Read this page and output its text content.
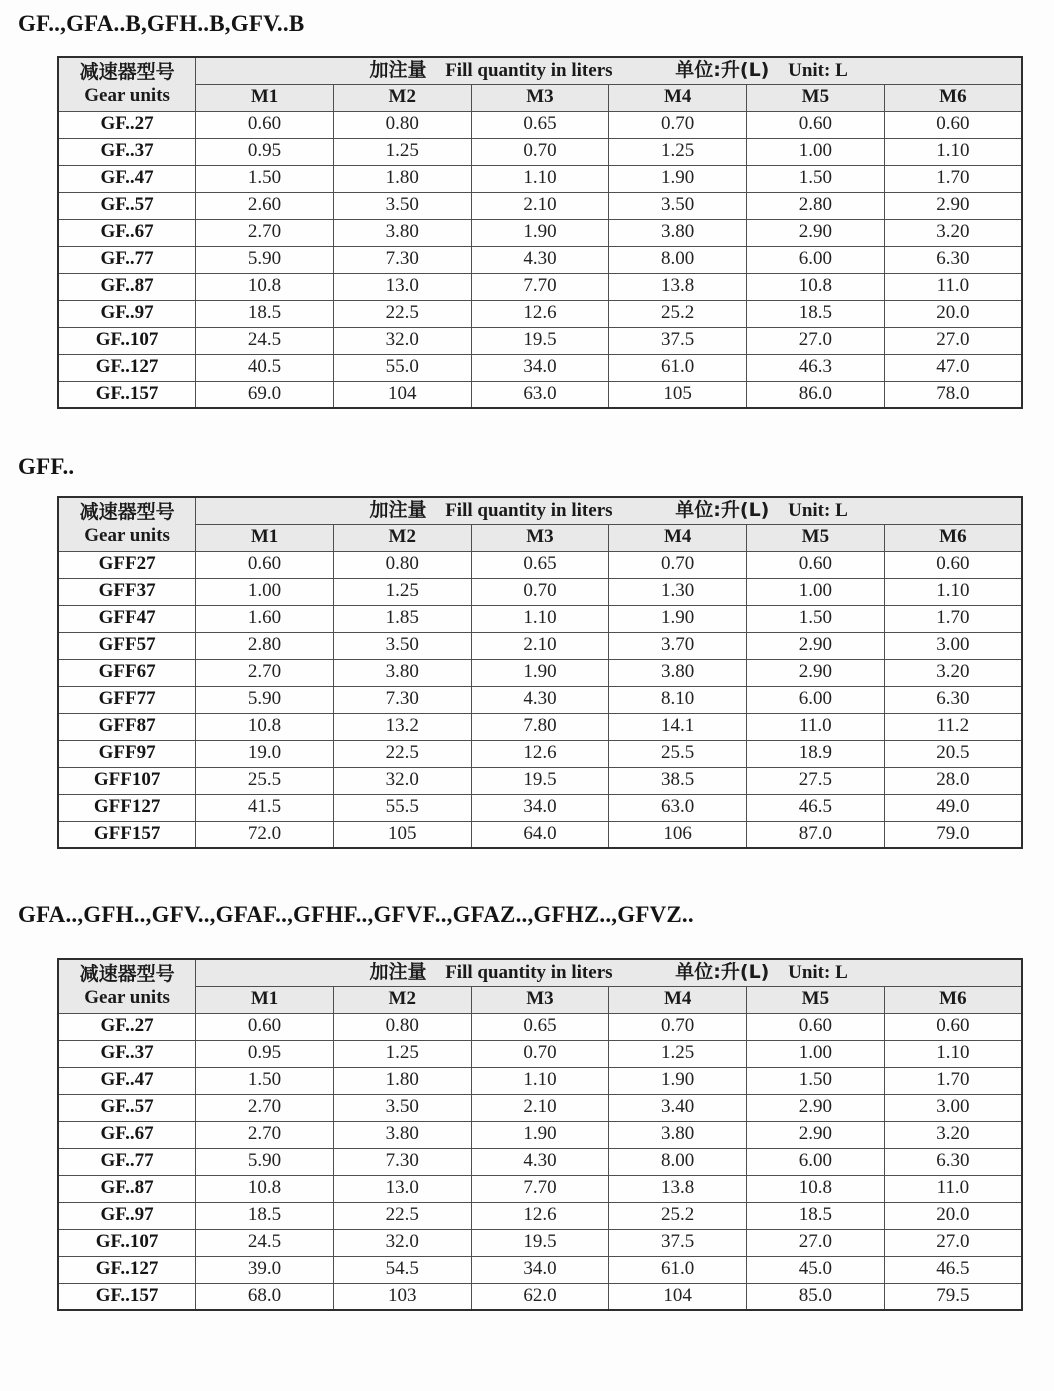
GF..,GFA..B,GFH..B,GFV..B
减速器型号
Gear units	加注量 Fill quantity in liters 单位:升(L) Unit: L					
	M1	M2	M3	M4	M5	M6
GF..27	0.60	0.80	0.65	0.70	0.60	0.60
GF..37	0.95	1.25	0.70	1.25	1.00	1.10
GF..47	1.50	1.80	1.10	1.90	1.50	1.70
GF..57	2.60	3.50	2.10	3.50	2.80	2.90
GF..67	2.70	3.80	1.90	3.80	2.90	3.20
GF..77	5.90	7.30	4.30	8.00	6.00	6.30
GF..87	10.8	13.0	7.70	13.8	10.8	11.0
GF..97	18.5	22.5	12.6	25.2	18.5	20.0
GF..107	24.5	32.0	19.5	37.5	27.0	27.0
GF..127	40.5	55.0	34.0	61.0	46.3	47.0
GF..157	69.0	104	63.0	105	86.0	78.0
GFF..
减速器型号
Gear units	加注量 Fill quantity in liters 单位:升(L) Unit: L					
	M1	M2	M3	M4	M5	M6
GFF27	0.60	0.80	0.65	0.70	0.60	0.60
GFF37	1.00	1.25	0.70	1.30	1.00	1.10
GFF47	1.60	1.85	1.10	1.90	1.50	1.70
GFF57	2.80	3.50	2.10	3.70	2.90	3.00
GFF67	2.70	3.80	1.90	3.80	2.90	3.20
GFF77	5.90	7.30	4.30	8.10	6.00	6.30
GFF87	10.8	13.2	7.80	14.1	11.0	11.2
GFF97	19.0	22.5	12.6	25.5	18.9	20.5
GFF107	25.5	32.0	19.5	38.5	27.5	28.0
GFF127	41.5	55.5	34.0	63.0	46.5	49.0
GFF157	72.0	105	64.0	106	87.0	79.0
GFA..,GFH..,GFV..,GFAF..,GFHF..,GFVF..,GFAZ..,GFHZ..,GFVZ..
减速器型号
Gear units	加注量 Fill quantity in liters 单位:升(L) Unit: L					
	M1	M2	M3	M4	M5	M6
GF..27	0.60	0.80	0.65	0.70	0.60	0.60
GF..37	0.95	1.25	0.70	1.25	1.00	1.10
GF..47	1.50	1.80	1.10	1.90	1.50	1.70
GF..57	2.70	3.50	2.10	3.40	2.90	3.00
GF..67	2.70	3.80	1.90	3.80	2.90	3.20
GF..77	5.90	7.30	4.30	8.00	6.00	6.30
GF..87	10.8	13.0	7.70	13.8	10.8	11.0
GF..97	18.5	22.5	12.6	25.2	18.5	20.0
GF..107	24.5	32.0	19.5	37.5	27.0	27.0
GF..127	39.0	54.5	34.0	61.0	45.0	46.5
GF..157	68.0	103	62.0	104	85.0	79.5
